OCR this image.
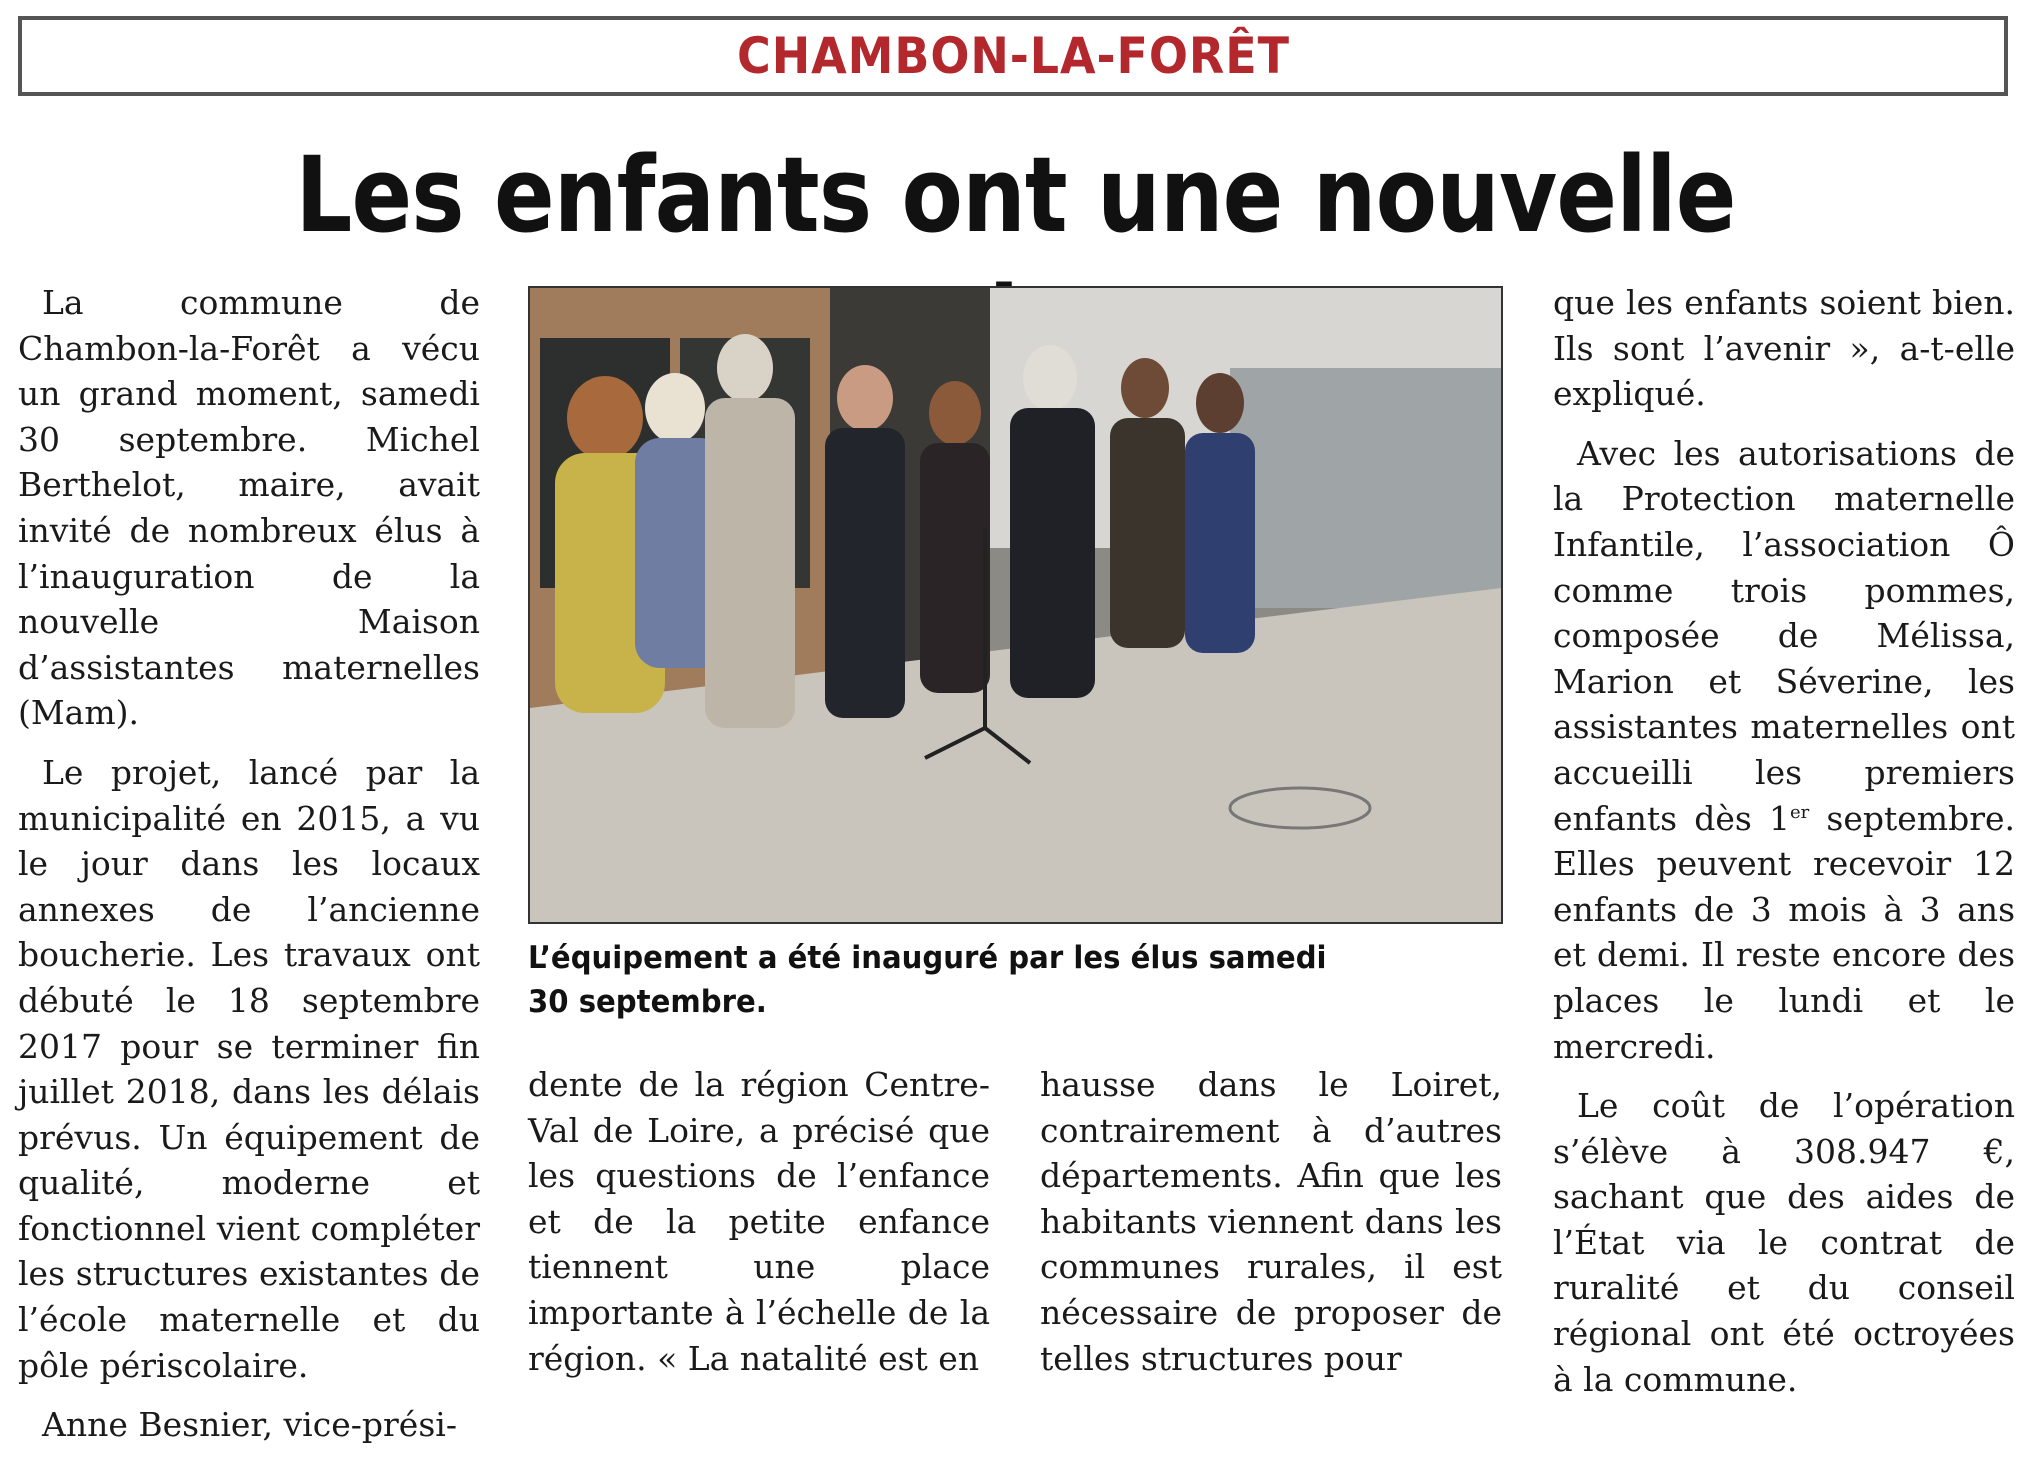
CHAMBON-LA-FORÊT
Les enfants ont une nouvelle

La commune de Chambon-la-Forêt a vécu un grand moment, samedi 30 septembre. Michel Berthelot, maire, avait invité de nombreux élus à l’inauguration de la nouvelle Maison d’assistantes maternelles (Mam).

Le projet, lancé par la municipalité en 2015, a vu le jour dans les locaux annexes de l’ancienne boucherie. Les travaux ont débuté le 18 septembre 2017 pour se terminer fin juillet 2018, dans les délais prévus. Un équipement de qualité, moderne et fonctionnel vient compléter les structures existantes de l’école maternelle et du pôle périscolaire.

Anne Besnier, vice-prési-

L’équipement a été inauguré par les élus samedi
30 septembre.

dente de la région Centre-Val de Loire, a précisé que les questions de l’enfance et de la petite enfance tiennent une place importante à l’échelle de la région. « La natalité est en

hausse dans le Loiret, contrairement à d’autres départements. Afin que les habitants viennent dans les communes rurales, il est nécessaire de proposer de telles structures pour

que les enfants soient bien. Ils sont l’avenir », a-t-elle expliqué.

Avec les autorisations de la Protection maternelle Infantile, l’association Ô comme trois pommes, composée de Mélissa, Marion et Séverine, les assistantes maternelles ont accueilli les premiers enfants dès 1er septembre. Elles peuvent recevoir 12 enfants de 3 mois à 3 ans et demi. Il reste encore des places le lundi et le mercredi.

Le coût de l’opération s’élève à 308.947 €, sachant que des aides de l’État via le contrat de ruralité et du conseil régional ont été octroyées à la commune.
